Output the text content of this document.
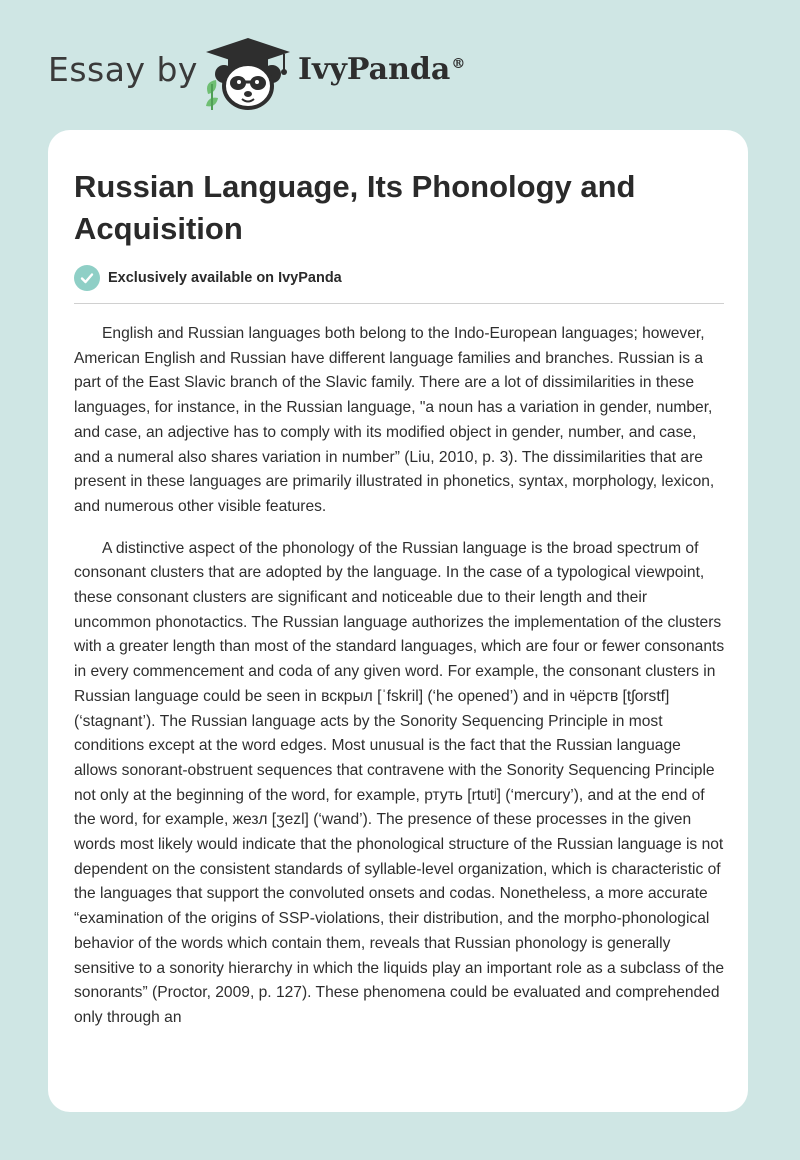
Essay by	IvyPanda®
Russian Language, Its Phonology and Acquisition
Exclusively available on IvyPanda

English and Russian languages both belong to the Indo-European languages; however, American English and Russian have different language families and branches. Russian is a part of the East Slavic branch of the Slavic family. There are a lot of dissimilarities in these languages, for instance, in the Russian language, "a noun has a variation in gender, number, and case, an adjective has to comply with its modified object in gender, number, and case, and a numeral also shares variation in number” (Liu, 2010, p. 3). The dissimilarities that are present in these languages are primarily illustrated in phonetics, syntax, morphology, lexicon, and numerous other visible features.

A distinctive aspect of the phonology of the Russian language is the broad spectrum of consonant clusters that are adopted by the language. In the case of a typological viewpoint, these consonant clusters are significant and noticeable due to their length and their uncommon phonotactics. The Russian language authorizes the implementation of the clusters with a greater length than most of the standard languages, which are four or fewer consonants in every commencement and coda of any given word. For example, the consonant clusters in Russian language could be seen in вскрыл [ˈfskril] (‘he opened’) and in чёрств [tʃorstf] (‘stagnant’). The Russian language acts by the Sonority Sequencing Principle in most conditions except at the word edges. Most unusual is the fact that the Russian language allows sonorant-obstruent sequences that contravene with the Sonority Sequencing Principle not only at the beginning of the word, for example, ртуть [rtutʲ] (‘mercury’), and at the end of the word, for example, жезл [ʒezl] (‘wand’). The presence of these processes in the given words most likely would indicate that the phonological structure of the Russian language is not dependent on the consistent standards of syllable-level organization, which is characteristic of the languages that support the convoluted onsets and codas. Nonetheless, a more accurate “examination of the origins of SSP-violations, their distribution, and the morpho-phonological behavior of the words which contain them, reveals that Russian phonology is generally sensitive to a sonority hierarchy in which the liquids play an important role as a subclass of the sonorants” (Proctor, 2009, p. 127). These phenomena could be evaluated and comprehended only through an
